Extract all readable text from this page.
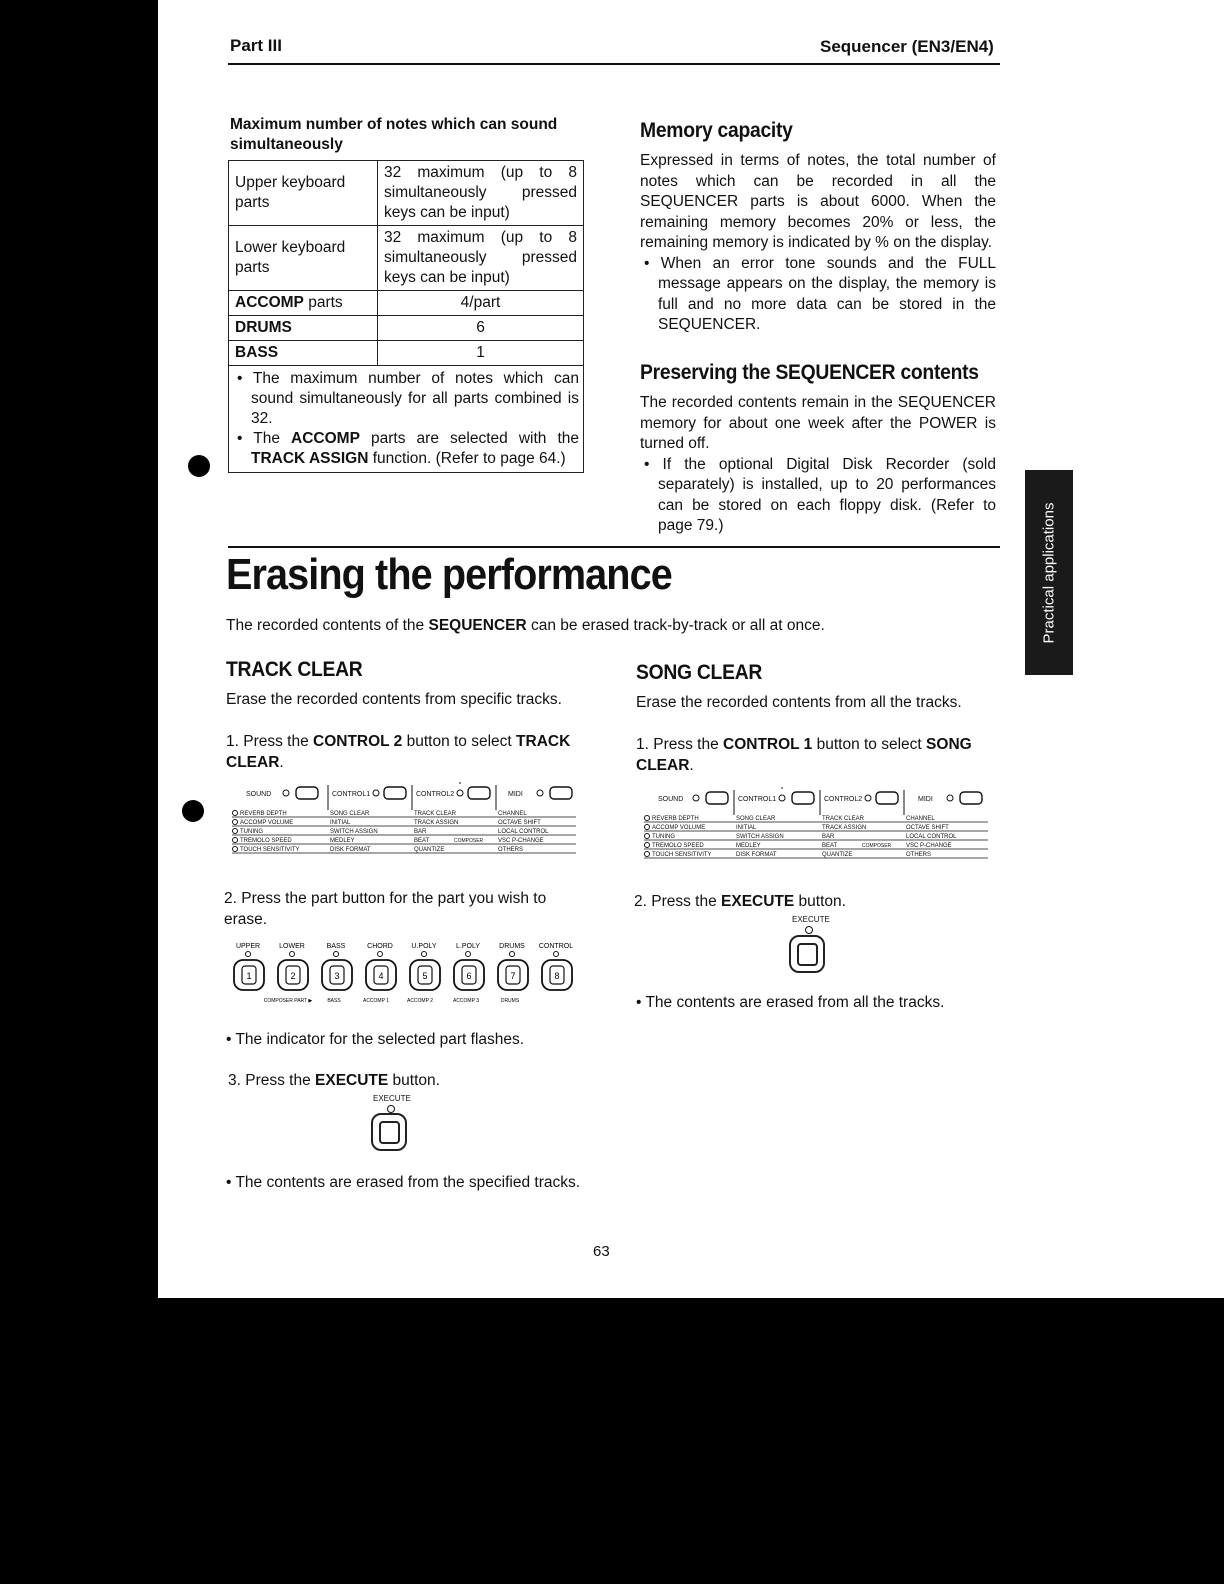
Part III	Sequencer (EN3/EN4)
Maximum number of notes which can sound simultaneously
Upper keyboard parts	32 maximum (up to 8 simultaneously pressed keys can be input)
Lower keyboard parts	32 maximum (up to 8 simultaneously pressed keys can be input)
ACCOMP parts	4/part
DRUMS	6
BASS	1

• The maximum number of notes which can sound simultaneously for all parts combined is 32.
• The ACCOMP parts are selected with the TRACK ASSIGN function. (Refer to page 64.)	
Memory capacity
Expressed in terms of notes, the total number of notes which can be recorded in all the SEQUENCER parts is about 6000. When the remaining memory becomes 20% or less, the remaining memory is indicated by % on the display.
• When an error tone sounds and the FULL message appears on the display, the memory is full and no more data can be stored in the SEQUENCER.
Preserving the SEQUENCER contents
The recorded contents remain in the SEQUENCER memory for about one week after the POWER is turned off.
• If the optional Digital Disk Recorder (sold separately) is installed, up to 20 performances can be stored on each floppy disk. (Refer to page 79.)
Erasing the performance
The recorded contents of the SEQUENCER can be erased track-by-track or all at once.
TRACK CLEAR
Erase the recorded contents from specific tracks.
1. Press the CONTROL 2 button to select TRACK CLEAR.
SOUND	CONTROL1	CONTROL2	MIDI
REVERB DEPTH	SONG CLEAR	TRACK CLEAR	CHANNEL
ACCOMP VOLUME	INITIAL	TRACK ASSIGN	OCTAVE SHIFT
TUNING	SWITCH ASSIGN	BAR	LOCAL CONTROL
TREMOLO SPEED	MEDLEY	BEAT	VSC P-CHANGE
TOUCH SENSITIVITY	DISK FORMAT	QUANTIZE	OTHERS
COMPOSER
2. Press the part button for the part you wish to erase.
UPPER
1
LOWER
2
BASS
3
CHORD
4
U.POLY
5
L.POLY
6
DRUMS
7
CONTROL
8
COMPOSER PART ▶	BASS	ACCOMP 1	ACCOMP 2	ACCOMP 3	DRUMS
• The indicator for the selected part flashes.
3. Press the EXECUTE button.
EXECUTE
• The contents are erased from the specified tracks.
SONG CLEAR
Erase the recorded contents from all the tracks.
1. Press the CONTROL 1 button to select SONG CLEAR.
SOUND	CONTROL1	CONTROL2	MIDI
REVERB DEPTH	SONG CLEAR	TRACK CLEAR	CHANNEL
ACCOMP VOLUME	INITIAL	TRACK ASSIGN	OCTAVE SHIFT
TUNING	SWITCH ASSIGN	BAR	LOCAL CONTROL
TREMOLO SPEED	MEDLEY	BEAT	VSC P-CHANGE
TOUCH SENSITIVITY	DISK FORMAT	QUANTIZE	OTHERS
COMPOSER
2. Press the EXECUTE button.
EXECUTE
• The contents are erased from all the tracks.
63
Practical applications
